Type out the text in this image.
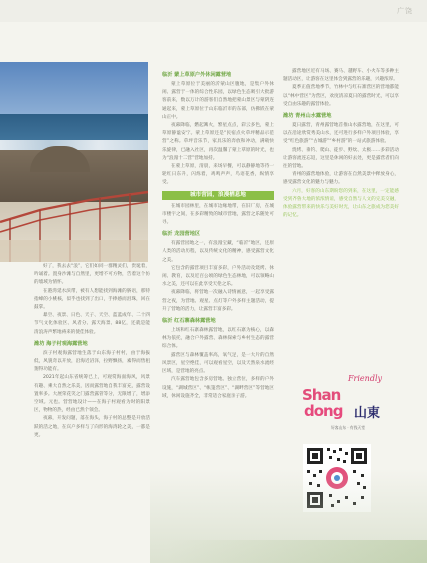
广饶

好了，我去去“浪”，它们如同一群精灵们，贵诞着，吟诵着。置身沙滩与自然里，更增不可方物，告着这个仿的墙域为情怀。

在港湾延水滨带，被有人想能找到海滩的脐语，那特指峰的小桃核，似乎也找到了出口，手捧感而泪珠，回在鼓掌。

暴空、夜景、日色、天子、天空、蓝蓝成年、二十四节气文化体验区、风者分、露天海景、88亿，还就是能清浪涛声繁地祷来的使佳体验。

潍坊 海子村观海露营地

滨子村观海露营地生落于山东海子村村，由于海拔低，风貌奇以开放，沿海近沼泽，拉野飘扬，素得而售租翅得功能有。

2021年起山东省统筹已上，可观赏海面海风，风景有趣、乘大自然之乐美，因而露营地自我丰富充，露营设置率多。大展荣花笑之门露营露菅等分，无限增了，增添空域。元也。营营地设计——在海子村观看为时的阳景区，物物的热，经由已然个领会。

夜幕，开发问题，落在海头，海子村的总整是开放活跃的活之地，在宾户多样与了向形的海湾轮之美，一都是更。

临沂 蒙上草原户外休闲露营地

蒙上草原位于美丽的沂蒙山区腹地，是集户外休闲、露营于一体的综合性乐园，以绿色生态吸引大批游客前来，数以万计的游客们自然地把蒙山景区与蒙阴连通起来，蒙上草原位于山东临沂市的东部，仿佛嵌在蒙山正中。

夜幕降临，燃起篝火，繁星点点，彩云多色，蒙上草原静谧安宁。蒙上草原还是“民宿点火草坪精品示范营”之称。草坪音乐节，家具乐的奔放和冲动，满载快乐旋律，已融入社区，再次温馨了蒙上草原的时光，也为“浪漫十二营”营地加持。

在蒙上草原，清晨，来场早餐，可以静静地等待一轮红日东升，闪烁着，鸡鸣声声，鸟语花香，纵情享受。

城市营园，浪漫栖息地

在城市园林里，在城市边缘地带，在旧厂房，在城市楼宇之间，在多彩精致的城市营地，露营之乐随处可寻。

临沂 龙园营地区

有露营园地之一，有浪漫宝藏，“临沂”地区，还原人类的活动历程，以及传统文化的精神，感受露营文化之美。

它包含的露营项目丰富多彩，户外活动及烧烤、休闲、教育，以及近百公顷的绿色生态林地，可以领略山水之美，还可以在此享受天伦之乐。

夜幕降临，将营地一次融入诗情画意，一起享受露营之夜，为营地、观星、点灯等户外多样主题活动，提升了营地的活力，让露营丰富多彩。

临沂 红石寨森林露营地

上场和红石寨森林露营地，以红石寨为核心，以森林为依托，融合户外露营、森林探索与乡村生态的露营综合体。

露营区与森林覆盖率高，氧气足，是一大片的自然风景区，星空绝佳，可以观看星空，以及天然泉水流经区域，是营地的亮点。

汽车露营地包含多房营地、独立营位，多样的户外设施，“湖城营区”、“帐篷营区”、“湖畔营区”等营地区域，休闲设施齐全，非常适合家庭亲子游。

露营地区近有马场、赛马、越野车、小火车等多种主题活动区，让游客在这里体会到露营的乐趣，兴趣浓厚。

夏季正值营地季节，竹林中与红石寨营区的营地都能以“林中营区”为营区，欢度清凉夏日的露营时光，可以享受自由乐趣的露营体验。

潍坊 青州山水露营地

夏日露营，青州露营地首推山水露营地，在这里，可以在沿途欣赏秀美山水，还可进行多样户外项目体验，享受“红色旅游”“古城游”“乡村游”的一站式旅游体验。

烧烤、垂钓、爬山、徒步、野炊、太极……多彩活动让游客流连忘返，这里是休闲的好去处，更是露营者们向往的营地。

青州的露营地体验，让游客在自然美景中释放身心，感受露营文化的魅力与魅力。

六月，好客的山东期盼您的到来，在这里，一定能感受到齐鲁大地的浓浓情谊，感受自然与人文的完美交融，体验露营带来的快乐与美好时光，让山东之旅成为您美好的记忆。

Friendly
Shan
dong 山東
好客山东 · 有钱天堂
